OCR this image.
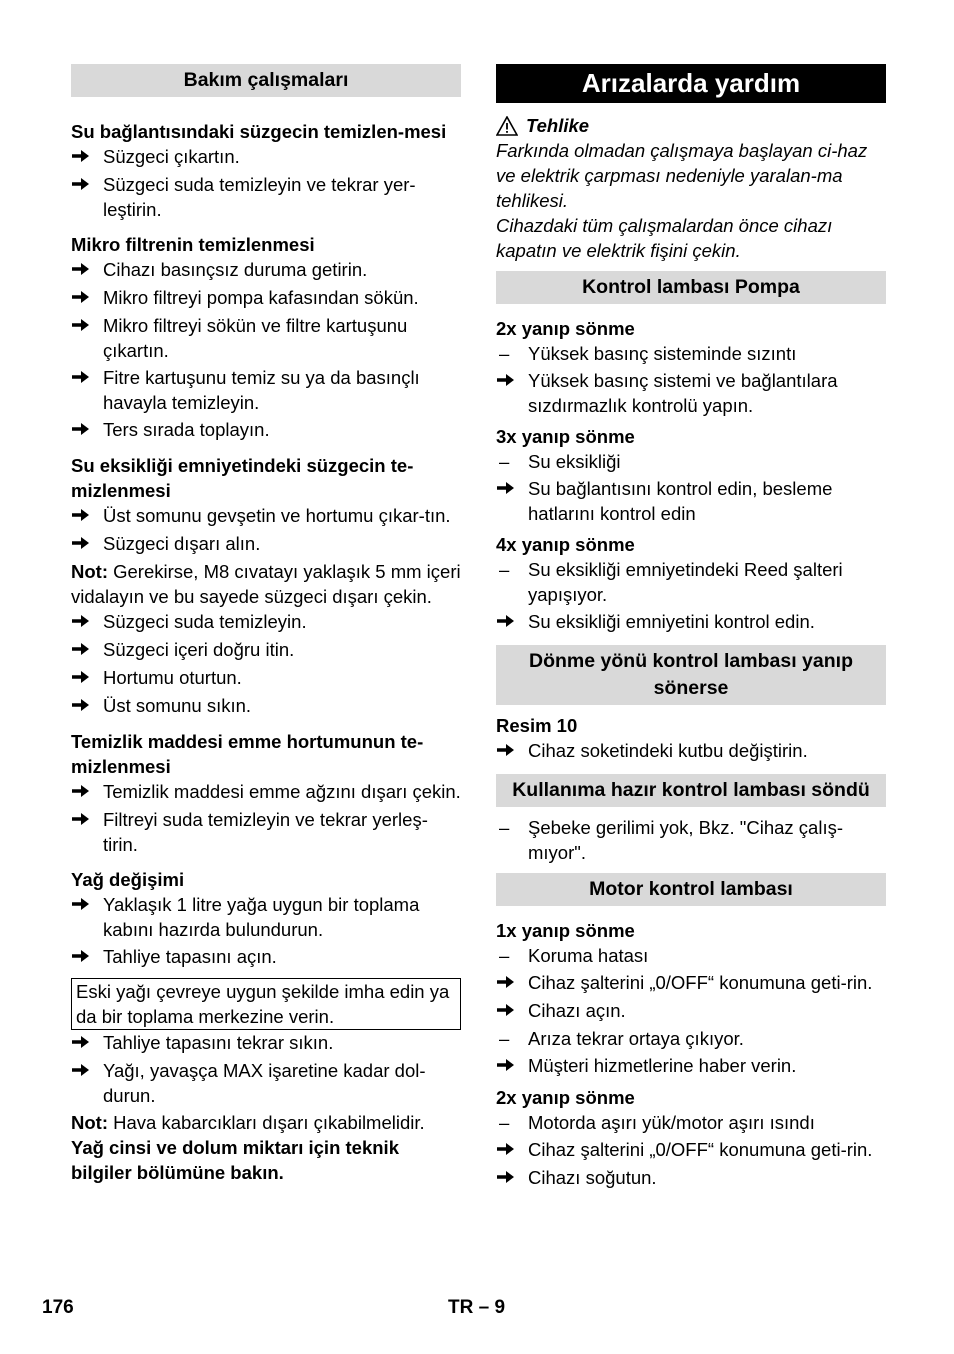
Bakım çalışmaları
Su bağlantısındaki süzgecin temizlen-mesi
Süzgeci çıkartın.
Süzgeci suda temizleyin ve tekrar yer-leştirin.
Mikro filtrenin temizlenmesi
Cihazı basınçsız duruma getirin.
Mikro filtreyi pompa kafasından sökün.
Mikro filtreyi sökün ve filtre kartuşunu çıkartın.
Fitre kartuşunu temiz su ya da basınçlı havayla temizleyin.
Ters sırada toplayın.
Su eksikliği emniyetindeki süzgecin te-mizlenmesi
Üst somunu gevşetin ve hortumu çıkar-tın.
Süzgeci dışarı alın.
Not: Gerekirse, M8 cıvatayı yaklaşık 5 mm içeri vidalayın ve bu sayede süzgeci dışarı çekin.
Süzgeci suda temizleyin.
Süzgeci içeri doğru itin.
Hortumu oturtun.
Üst somunu sıkın.
Temizlik maddesi emme hortumunun te-mizlenmesi
Temizlik maddesi emme ağzını dışarı çekin.
Filtreyi suda temizleyin ve tekrar yerleş-tirin.
Yağ değişimi
Yaklaşık 1 litre yağa uygun bir toplama kabını hazırda bulundurun.
Tahliye tapasını açın.
Eski yağı çevreye uygun şekilde imha edin ya da bir toplama merkezine verin.
Tahliye tapasını tekrar sıkın.
Yağı, yavaşça MAX işaretine kadar dol-durun.
Not: Hava kabarcıkları dışarı çıkabilmelidir.
Yağ cinsi ve dolum miktarı için teknik bilgiler bölümüne bakın.
Arızalarda yardım
Tehlike
Farkında olmadan çalışmaya başlayan ci-haz ve elektrik çarpması nedeniyle yaralan-ma tehlikesi.
Cihazdaki tüm çalışmalardan önce cihazı kapatın ve elektrik fişini çekin.
Kontrol lambası Pompa
2x yanıp sönme
–	Yüksek basınç sisteminde sızıntı
Yüksek basınç sistemi ve bağlantılara sızdırmazlık kontrolü yapın.
3x yanıp sönme
–	Su eksikliği
Su bağlantısını kontrol edin, besleme hatlarını kontrol edin
4x yanıp sönme
–	Su eksikliği emniyetindeki Reed şalteri yapışıyor.
Su eksikliği emniyetini kontrol edin.
Dönme yönü kontrol lambası yanıp sönerse
Resim 10
Cihaz soketindeki kutbu değiştirin.
Kullanıma hazır kontrol lambası söndü
–	Şebeke gerilimi yok, Bkz. "Cihaz çalış-mıyor".
Motor kontrol lambası
1x yanıp sönme
–	Koruma hatası
Cihaz şalterini „0/OFF“ konumuna geti-rin.
Cihazı açın.
–	Arıza tekrar ortaya çıkıyor.
Müşteri hizmetlerine haber verin.
2x yanıp sönme
–	Motorda aşırı yük/motor aşırı ısındı
Cihaz şalterini „0/OFF“ konumuna geti-rin.
Cihazı soğutun.
176	TR – 9
